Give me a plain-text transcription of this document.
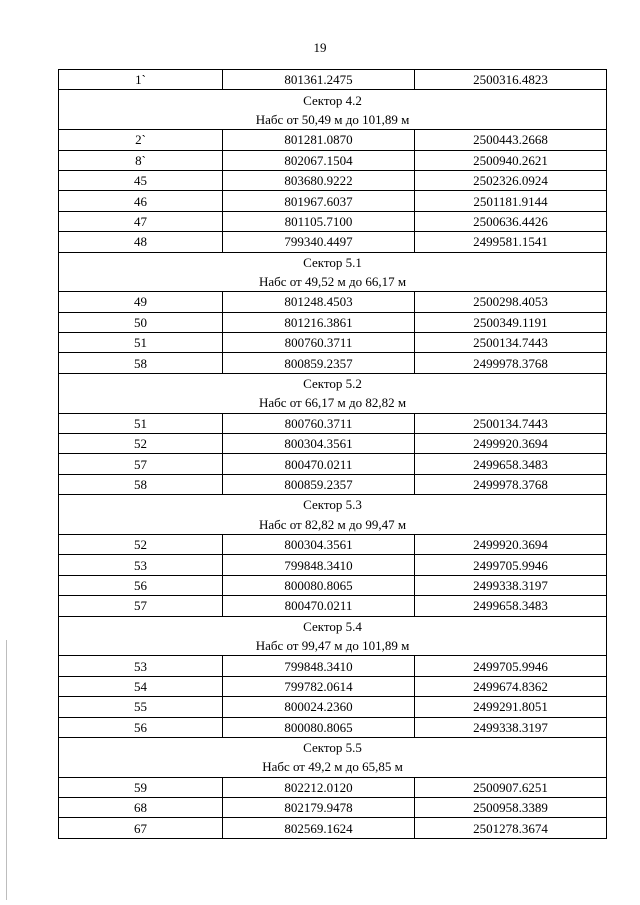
19
1`	801361.2475	2500316.4823
Сектор 4.2		
Набс от 50,49 м до 101,89 м		
2`	801281.0870	2500443.2668
8`	802067.1504	2500940.2621
45	803680.9222	2502326.0924
46	801967.6037	2501181.9144
47	801105.7100	2500636.4426
48	799340.4497	2499581.1541
Сектор 5.1		
Набс от 49,52 м до 66,17 м		
49	801248.4503	2500298.4053
50	801216.3861	2500349.1191
51	800760.3711	2500134.7443
58	800859.2357	2499978.3768
Сектор 5.2		
Набс от 66,17 м до 82,82 м		
51	800760.3711	2500134.7443
52	800304.3561	2499920.3694
57	800470.0211	2499658.3483
58	800859.2357	2499978.3768
Сектор 5.3		
Набс от 82,82 м до 99,47 м		
52	800304.3561	2499920.3694
53	799848.3410	2499705.9946
56	800080.8065	2499338.3197
57	800470.0211	2499658.3483
Сектор 5.4		
Набс от 99,47 м до 101,89 м		
53	799848.3410	2499705.9946
54	799782.0614	2499674.8362
55	800024.2360	2499291.8051
56	800080.8065	2499338.3197
Сектор 5.5		
Набс от 49,2 м до 65,85 м		
59	802212.0120	2500907.6251
68	802179.9478	2500958.3389
67	802569.1624	2501278.3674
